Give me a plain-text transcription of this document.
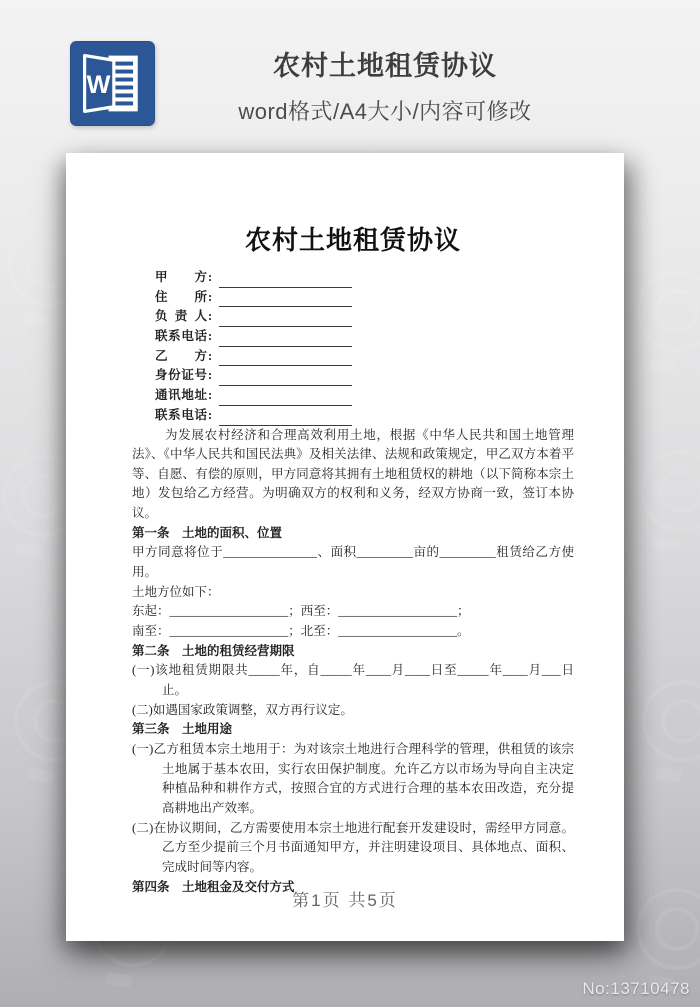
W
农村土地租赁协议
word格式/A4大小/内容可修改
农村土地租赁协议
甲方 :
住所 :
负责人 :
联系电话 :
乙方 :
身份证号 :
通讯地址 :
联系电话 :
为发展农村经济和合理高效利用土地，根据《中华人民共和国土地管理法》、《中华人民共和国民法典》及相关法律、法规和政策规定，甲乙双方本着平等、自愿、有偿的原则，甲方同意将其拥有土地租赁权的耕地（以下简称本宗土地）发包给乙方经营。为明确双方的权利和义务，经双方协商一致，签订本协议。
第一条　土地的面积、位置
甲方同意将位于_______________、面积_________亩的_________租赁给乙方使用。
土地方位如下：
东起：___________________；西至：___________________；
南至：___________________；北至：___________________。
第二条　土地的租赁经营期限
(一)该地租赁期限共_____年，自_____年____月____日至_____年____月___日止。
(二)如遇国家政策调整，双方再行议定。
第三条　土地用途
(一)乙方租赁本宗土地用于：为对该宗土地进行合理科学的管理，供租赁的该宗土地属于基本农田，实行农田保护制度。允许乙方以市场为导向自主决定种植品种和耕作方式，按照合宜的方式进行合理的基本农田改造，充分提高耕地出产效率。
(二)在协议期间，乙方需要使用本宗土地进行配套开发建设时，需经甲方同意。乙方至少提前三个月书面通知甲方，并注明建设项目、具体地点、面积、完成时间等内容。
第四条　土地租金及交付方式
第1页 共5页
No:13710478
